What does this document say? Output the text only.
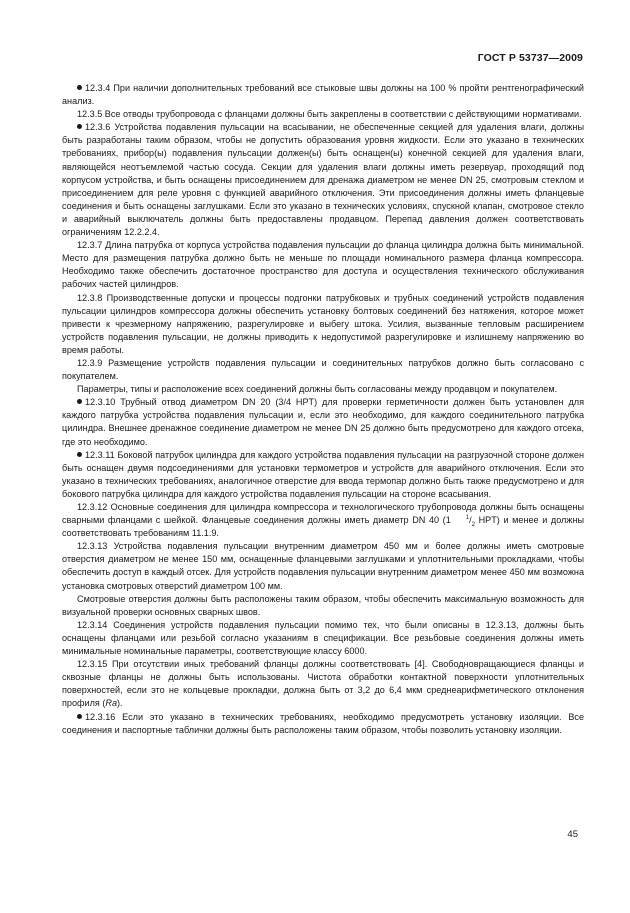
ГОСТ Р 53737—2009

12.3.4 При наличии дополнительных требований все стыковые швы должны на 100 % пройти рентгенографический анализ.

12.3.5 Все отводы трубопровода с фланцами должны быть закреплены в соответствии с действующими нормативами.

12.3.6 Устройства подавления пульсации на всасывании, не обеспеченные секцией для удаления влаги, должны быть разработаны таким образом, чтобы не допустить образования уровня жидкости. Если это указано в технических требованиях, прибор(ы) подавления пульсации должен(ы) быть оснащен(ы) конечной секцией для удаления влаги, являющейся неотъемлемой частью сосуда. Секции для удаления влаги должны иметь резервуар, проходящий под корпусом устройства, и быть оснащены присоединением для дренажа диаметром не менее DN 25, смотровым стеклом и присоединением для реле уровня с функцией аварийного отключения. Эти присоединения должны иметь фланцевые соединения и быть оснащены заглушками. Если это указано в технических условиях, спускной клапан, смотровое стекло и аварийный выключатель должны быть предоставлены продавцом. Перепад давления должен соответствовать ограничениям 12.2.2.4.

12.3.7 Длина патрубка от корпуса устройства подавления пульсации до фланца цилиндра должна быть минимальной. Место для размещения патрубка должно быть не меньше по площади номинального размера фланца компрессора. Необходимо также обеспечить достаточное пространство для доступа и осуществления технического обслуживания рабочих частей цилиндров.

12.3.8 Производственные допуски и процессы подгонки патрубковых и трубных соединений устройств подавления пульсации цилиндров компрессора должны обеспечить установку болтовых соединений без натяжения, которое может привести к чрезмерному напряжению, разрегулировке и выбегу штока. Усилия, вызванные тепловым расширением устройств подавления пульсации, не должны приводить к недопустимой разрегулировке и излишнему напряжению во время работы.

12.3.9 Размещение устройств подавления пульсации и соединительных патрубков должно быть согласовано с покупателем.

Параметры, типы и расположение всех соединений должны быть согласованы между продавцом и покупателем.

12.3.10 Трубный отвод диаметром DN 20 (3/4 HPT) для проверки герметичности должен быть установлен для каждого патрубка устройства подавления пульсации и, если это необходимо, для каждого соединительного патрубка цилиндра. Внешнее дренажное соединение диаметром не менее DN 25 должно быть предусмотрено для каждого отсека, где это необходимо.

12.3.11 Боковой патрубок цилиндра для каждого устройства подавления пульсации на разгрузочной стороне должен быть оснащен двумя подсоединениями для установки термометров и устройств для аварийного отключения. Если это указано в технических требованиях, аналогичное отверстие для ввода термопар должно быть также предусмотрено и для бокового патрубка цилиндра для каждого устройства подавления пульсации на стороне всасывания.

12.3.12 Основные соединения для цилиндра компрессора и технологического трубопровода должны быть оснащены сварными фланцами с шейкой. Фланцевые соединения должны иметь диаметр DN 40 (1	$^1/_2$ HPT) и менее и должны соответствовать требованиям 11.1.9.

12.3.13 Устройства подавления пульсации внутренним диаметром 450 мм и более должны иметь смотровые отверстия диаметром не менее 150 мм, оснащенные фланцевыми заглушками и уплотнительными прокладками, чтобы обеспечить доступ в каждый отсек. Для устройств подавления пульсации внутренним диаметром менее 450 мм возможна установка смотровых отверстий диаметром 100 мм.

Смотровые отверстия должны быть расположены таким образом, чтобы обеспечить максимальную возможность для визуальной проверки основных сварных швов.

12.3.14 Соединения устройств подавления пульсации помимо тех, что были описаны в 12.3.13, должны быть оснащены фланцами или резьбой согласно указаниям в спецификации. Все резьбовые соединения должны иметь минимальные номинальные параметры, соответствующие классу 6000.

12.3.15 При отсутствии иных требований фланцы должны соответствовать [4]. Свободновращающиеся фланцы и сквозные фланцы не должны быть использованы. Чистота обработки контактной поверхности уплотнительных поверхностей, если это не кольцевые прокладки, должна быть от 3,2 до 6,4 мкм среднеарифметического отклонения профиля (Ra).

12.3.16 Если это указано в технических требованиях, необходимо предусмотреть установку изоляции. Все соединения и паспортные таблички должны быть расположены таким образом, чтобы позволить установку изоляции.

45
